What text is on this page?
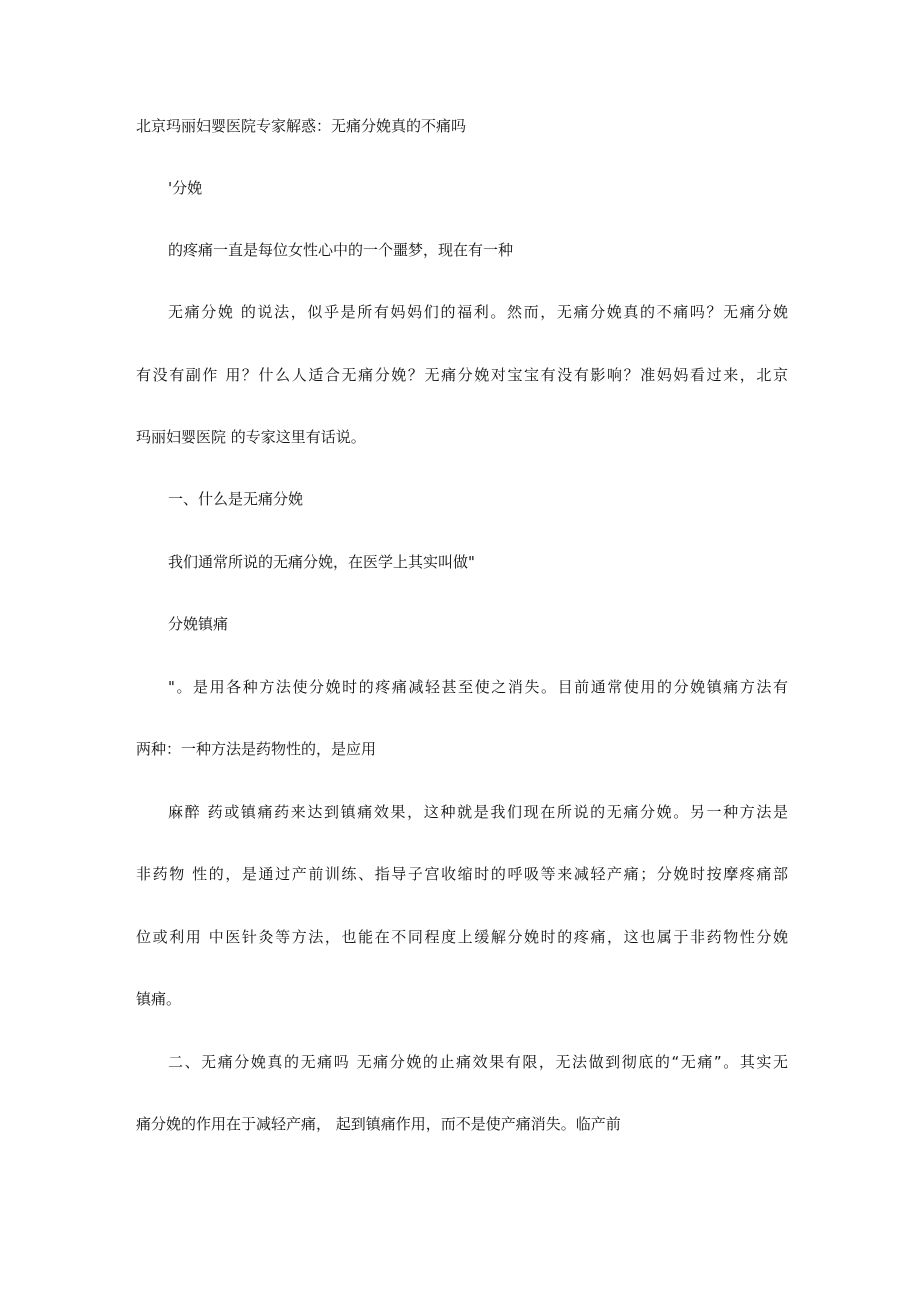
北京玛丽妇婴医院专家解惑：无痛分娩真的不痛吗
'分娩
的疼痛一直是每位女性心中的一个噩梦，现在有一种
无痛分娩 的说法，似乎是所有妈妈们的福利。然而，无痛分娩真的不痛吗？无痛分娩
有没有副作 用？什么人适合无痛分娩？无痛分娩对宝宝有没有影响？准妈妈看过来，北京
玛丽妇婴医院 的专家这里有话说。
一、什么是无痛分娩
我们通常所说的无痛分娩，在医学上其实叫做"
分娩镇痛
"。是用各种方法使分娩时的疼痛减轻甚至使之消失。目前通常使用的分娩镇痛方法有
两种：一种方法是药物性的，是应用
麻醉 药或镇痛药来达到镇痛效果，这种就是我们现在所说的无痛分娩。另一种方法是
非药物 性的，是通过产前训练、指导子宫收缩时的呼吸等来减轻产痛；分娩时按摩疼痛部
位或利用 中医针灸等方法，也能在不同程度上缓解分娩时的疼痛，这也属于非药物性分娩
镇痛。
二、无痛分娩真的无痛吗 无痛分娩的止痛效果有限，无法做到彻底的“无痛”。其实无
痛分娩的作用在于减轻产痛， 起到镇痛作用，而不是使产痛消失。临产前
